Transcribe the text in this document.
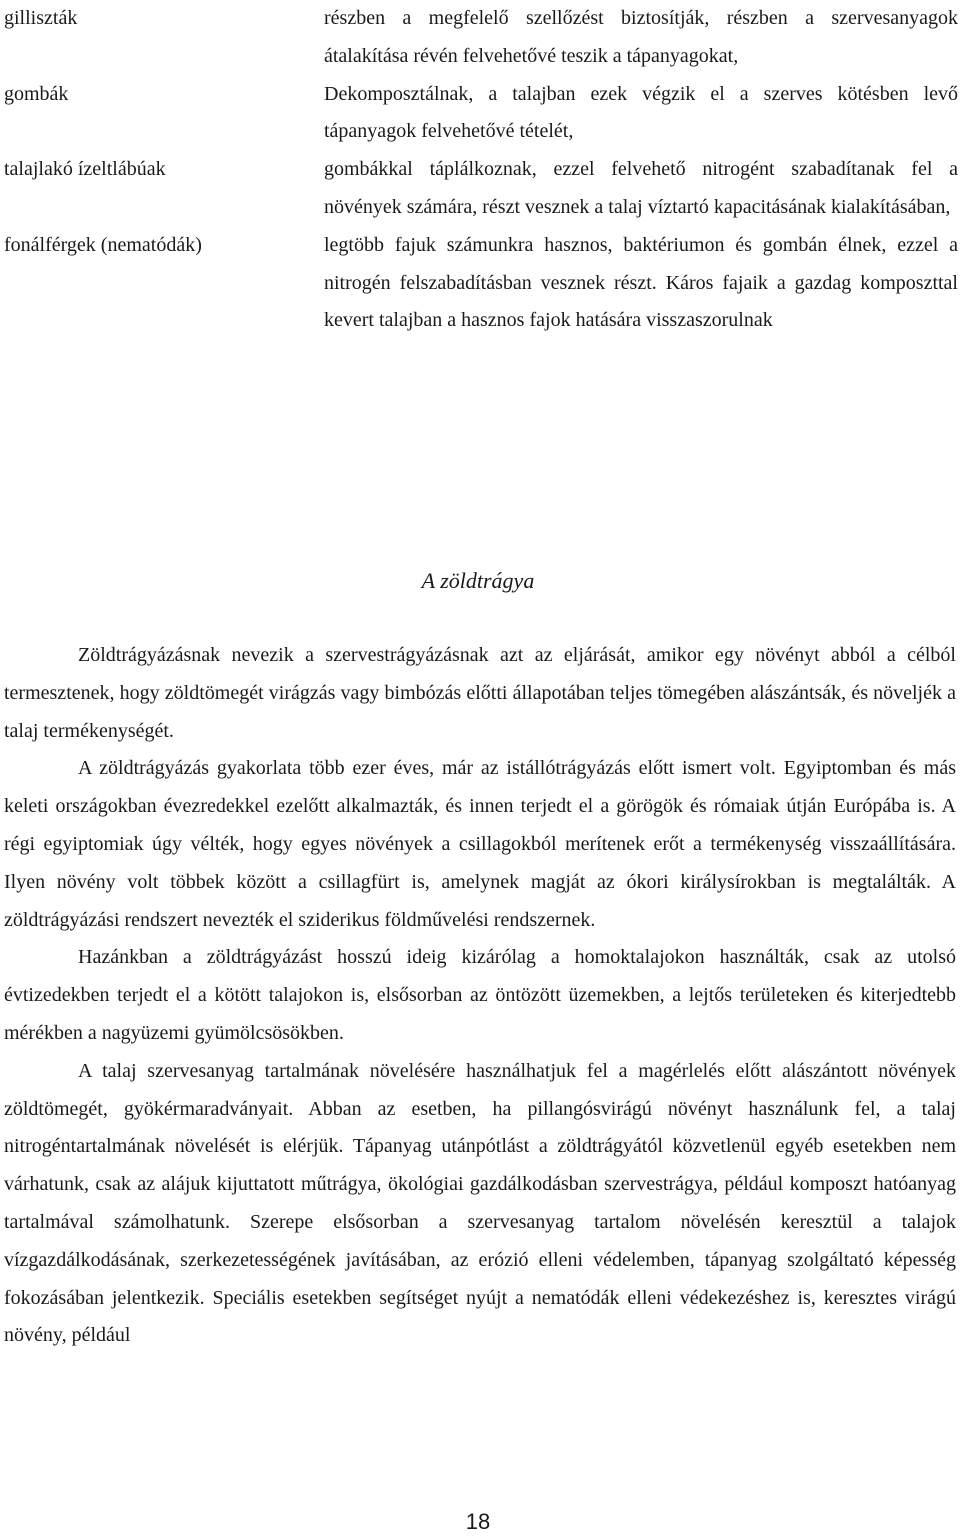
gilliszták	részben a megfelelő szellőzést biztosítják, részben a szervesanyagok átalakítása révén felvehetővé teszik a tápanyagokat,
gombák	Dekomposztálnak, a talajban ezek végzik el a szerves kötésben levő tápanyagok felvehetővé tételét,
talajlakó ízeltlábúak	gombákkal táplálkoznak, ezzel felvehető nitrogént szabadítanak fel a növények számára, részt vesznek a talaj víztartó kapacitásának kialakításában,
fonálférgek (nematódák)	legtöbb fajuk számunkra hasznos, baktériumon és gombán élnek, ezzel a nitrogén felszabadításban vesznek részt. Káros fajaik a gazdag komposzttal kevert talajban a hasznos fajok hatására visszaszorulnak
A zöldtrágya

Zöldtrágyázásnak nevezik a szervestrágyázásnak azt az eljárását, amikor egy növényt abból a célból termesztenek, hogy zöldtömegét virágzás vagy bimbózás előtti állapotában teljes tömegében alászántsák, és növeljék a talaj termékenységét.

A zöldtrágyázás gyakorlata több ezer éves, már az istállótrágyázás előtt ismert volt. Egyiptomban és más keleti országokban évezredekkel ezelőtt alkalmazták, és innen terjedt el a görögök és rómaiak útján Európába is. A régi egyiptomiak úgy vélték, hogy egyes növények a csillagokból merítenek erőt a termékenység visszaállítására. Ilyen növény volt többek között a csillagfürt is, amelynek magját az ókori királysírokban is megtalálták. A zöldtrágyázási rendszert nevezték el sziderikus földművelési rendszernek.

Hazánkban a zöldtrágyázást hosszú ideig kizárólag a homoktalajokon használták, csak az utolsó évtizedekben terjedt el a kötött talajokon is, elsősorban az öntözött üzemekben, a lejtős területeken és kiterjedtebb mérékben a nagyüzemi gyümölcsösökben.

A talaj szervesanyag tartalmának növelésére használhatjuk fel a magérlelés előtt alászántott növények zöldtömegét, gyökérmaradványait. Abban az esetben, ha pillangósvirágú növényt használunk fel, a talaj nitrogéntartalmának növelését is elérjük. Tápanyag utánpótlást a zöldtrágyától közvetlenül egyéb esetekben nem várhatunk, csak az alájuk kijuttatott műtrágya, ökológiai gazdálkodásban szervestrágya, például komposzt hatóanyag tartalmával számolhatunk. Szerepe elsősorban a szervesanyag tartalom növelésén keresztül a talajok vízgazdálkodásának, szerkezetességének javításában, az erózió elleni védelemben, tápanyag szolgáltató képesség fokozásában jelentkezik. Speciális esetekben segítséget nyújt a nematódák elleni védekezéshez is, keresztes virágú növény, például

18
